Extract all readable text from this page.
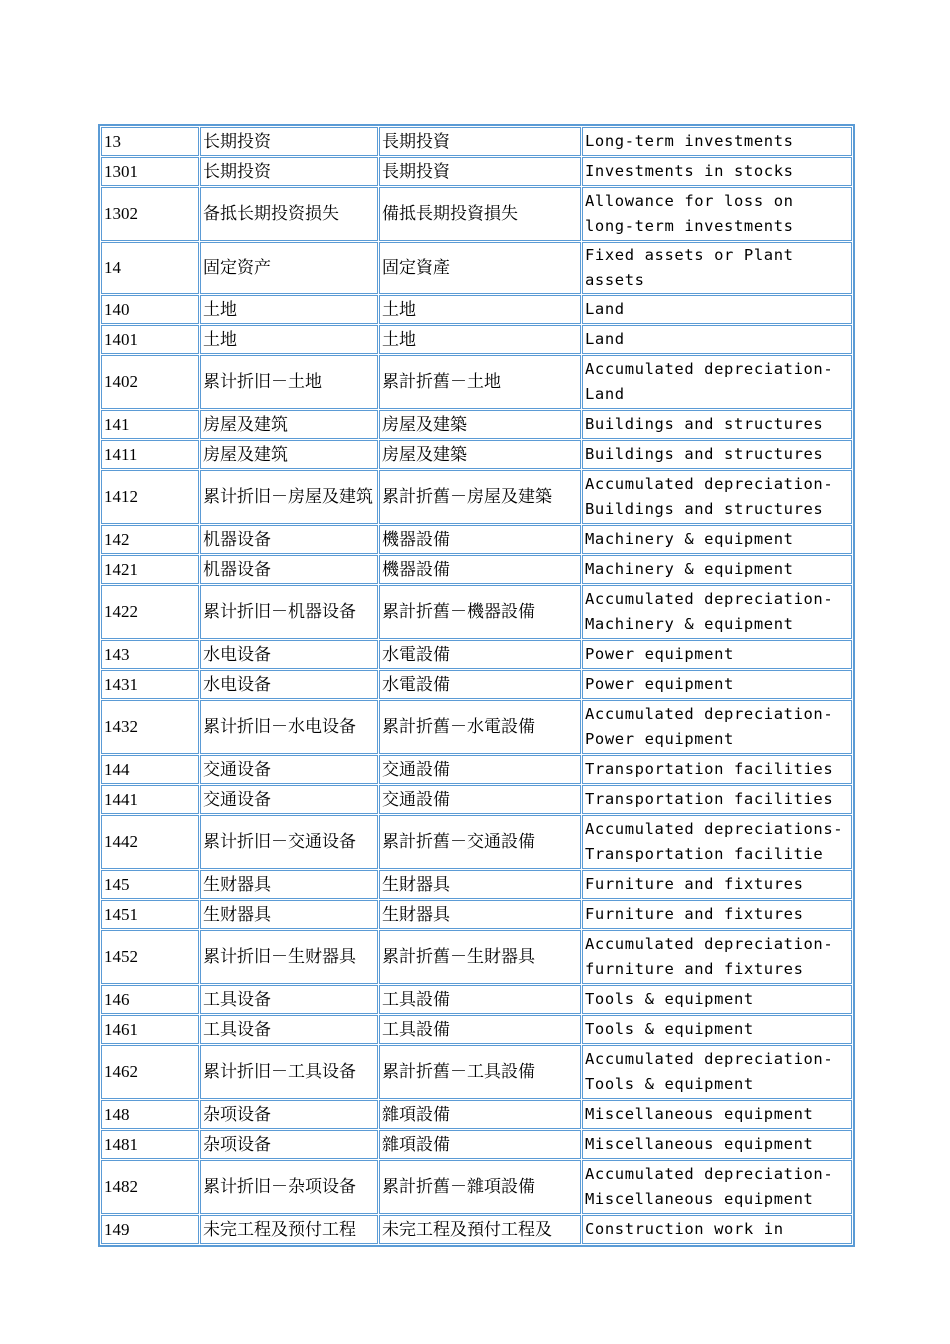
13	长期投资	長期投資	Long-term investments
1301	长期投资	長期投資	Investments in stocks
1302	备抵长期投资损失	備抵長期投資損失	Allowance for loss on long-term investments
14	固定资产	固定資產	Fixed assets or Plant assets
140	土地	土地	Land
1401	土地	土地	Land
1402	累计折旧－土地	累計折舊－土地	Accumulated depreciation-Land
141	房屋及建筑	房屋及建築	Buildings and structures
1411	房屋及建筑	房屋及建築	Buildings and structures
1412	累计折旧－房屋及建筑	累計折舊－房屋及建築	Accumulated depreciation-Buildings and structures
142	机器设备	機器設備	Machinery & equipment
1421	机器设备	機器設備	Machinery & equipment
1422	累计折旧－机器设备	累計折舊－機器設備	Accumulated depreciation-Machinery & equipment
143	水电设备	水電設備	Power equipment
1431	水电设备	水電設備	Power equipment
1432	累计折旧－水电设备	累計折舊－水電設備	Accumulated depreciation-Power equipment
144	交通设备	交通設備	Transportation facilities
1441	交通设备	交通設備	Transportation facilities
1442	累计折旧－交通设备	累計折舊－交通設備	Accumulated depreciations-Transportation facilitie
145	生财器具	生財器具	Furniture and fixtures
1451	生财器具	生財器具	Furniture and fixtures
1452	累计折旧－生财器具	累計折舊－生財器具	Accumulated depreciation-furniture and fixtures
146	工具设备	工具設備	Tools & equipment
1461	工具设备	工具設備	Tools & equipment
1462	累计折旧－工具设备	累計折舊－工具設備	Accumulated depreciation-Tools & equipment
148	杂项设备	雜項設備	Miscellaneous equipment
1481	杂项设备	雜項設備	Miscellaneous equipment
1482	累计折旧－杂项设备	累計折舊－雜項設備	Accumulated depreciation-Miscellaneous equipment
149	未完工程及预付工程	未完工程及預付工程及	Construction work in
